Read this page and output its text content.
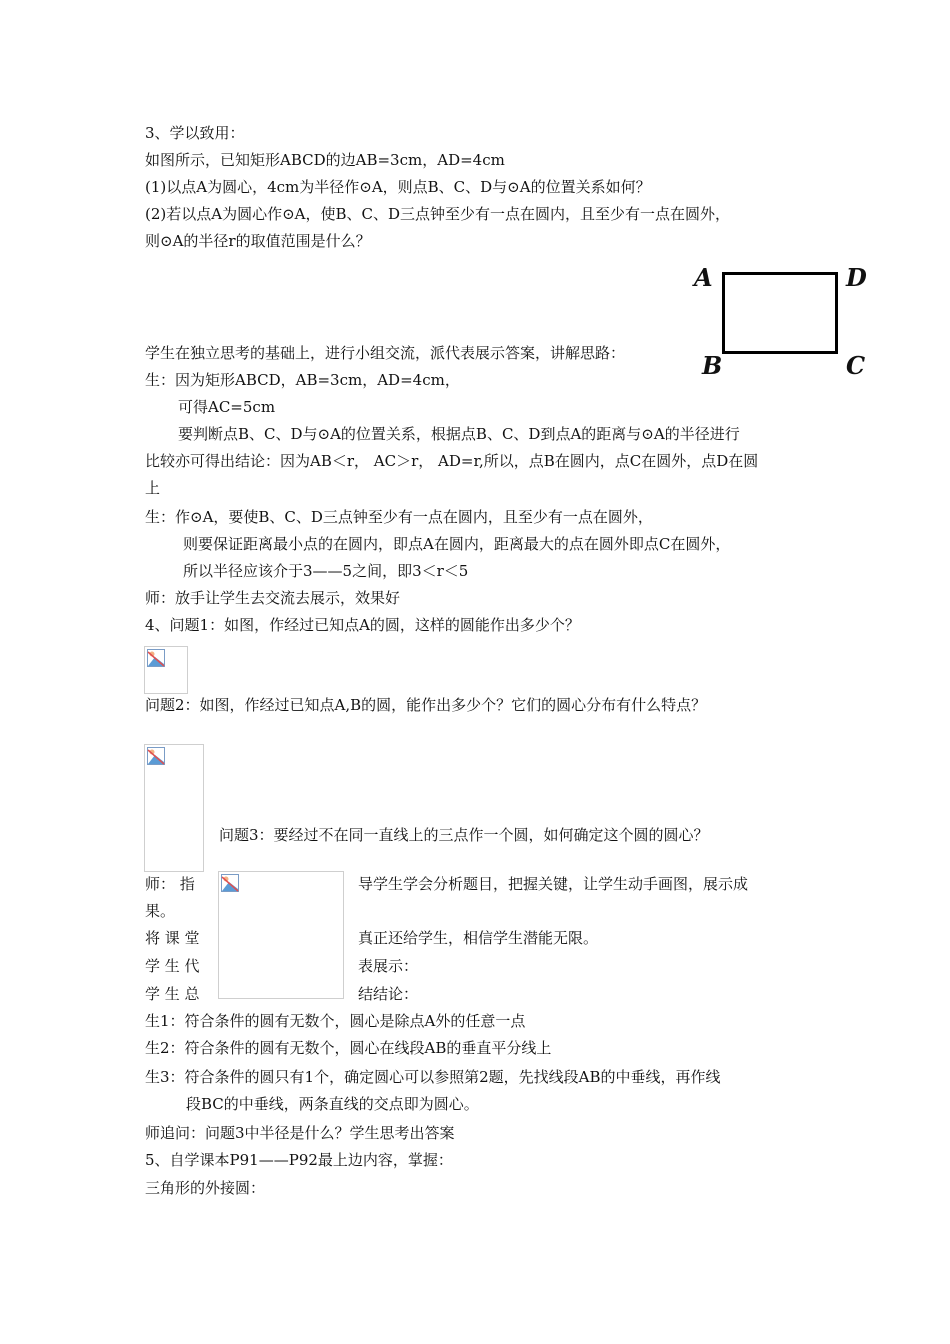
3、学以致用：
如图所示，已知矩形ABCD的边AB=3cm，AD=4cm
(1)以点A为圆心，4cm为半径作⊙A，则点B、C、D与⊙A的位置关系如何？
(2)若以点A为圆心作⊙A，使B、C、D三点钟至少有一点在圆内，且至少有一点在圆外，
则⊙A的半径r的取值范围是什么？
A	D
B	C
学生在独立思考的基础上，进行小组交流，派代表展示答案，讲解思路：
生：因为矩形ABCD，AB=3cm，AD=4cm，
可得AC=5cm
要判断点B、C、D与⊙A的位置关系，根据点B、C、D到点A的距离与⊙A的半径进行
比较亦可得出结论：因为AB＜r， AC＞r， AD=r,所以，点B在圆内，点C在圆外，点D在圆
上
生：作⊙A，要使B、C、D三点钟至少有一点在圆内，且至少有一点在圆外，
则要保证距离最小点的在圆内，即点A在圆内，距离最大的点在圆外即点C在圆外，
所以半径应该介于3——5之间，即3＜r＜5
师：放手让学生去交流去展示，效果好
4、问题1：如图，作经过已知点A的圆，这样的圆能作出多少个？
问题2：如图，作经过已知点A,B的圆，能作出多少个？它们的圆心分布有什么特点？
问题3：要经过不在同一直线上的三点作一个圆，如何确定这个圆的圆心？
师： 指	导学生学会分析题目，把握关键，让学生动手画图，展示成
果。
将 课 堂	真正还给学生，相信学生潜能无限。
学 生 代	表展示：
学 生 总	结结论：
生1：符合条件的圆有无数个，圆心是除点A外的任意一点
生2：符合条件的圆有无数个，圆心在线段AB的垂直平分线上
生3：符合条件的圆只有1个，确定圆心可以参照第2题，先找线段AB的中垂线，再作线
段BC的中垂线，两条直线的交点即为圆心。
师追问：问题3中半径是什么？学生思考出答案
5、自学课本P91——P92最上边内容，掌握：
三角形的外接圆：
